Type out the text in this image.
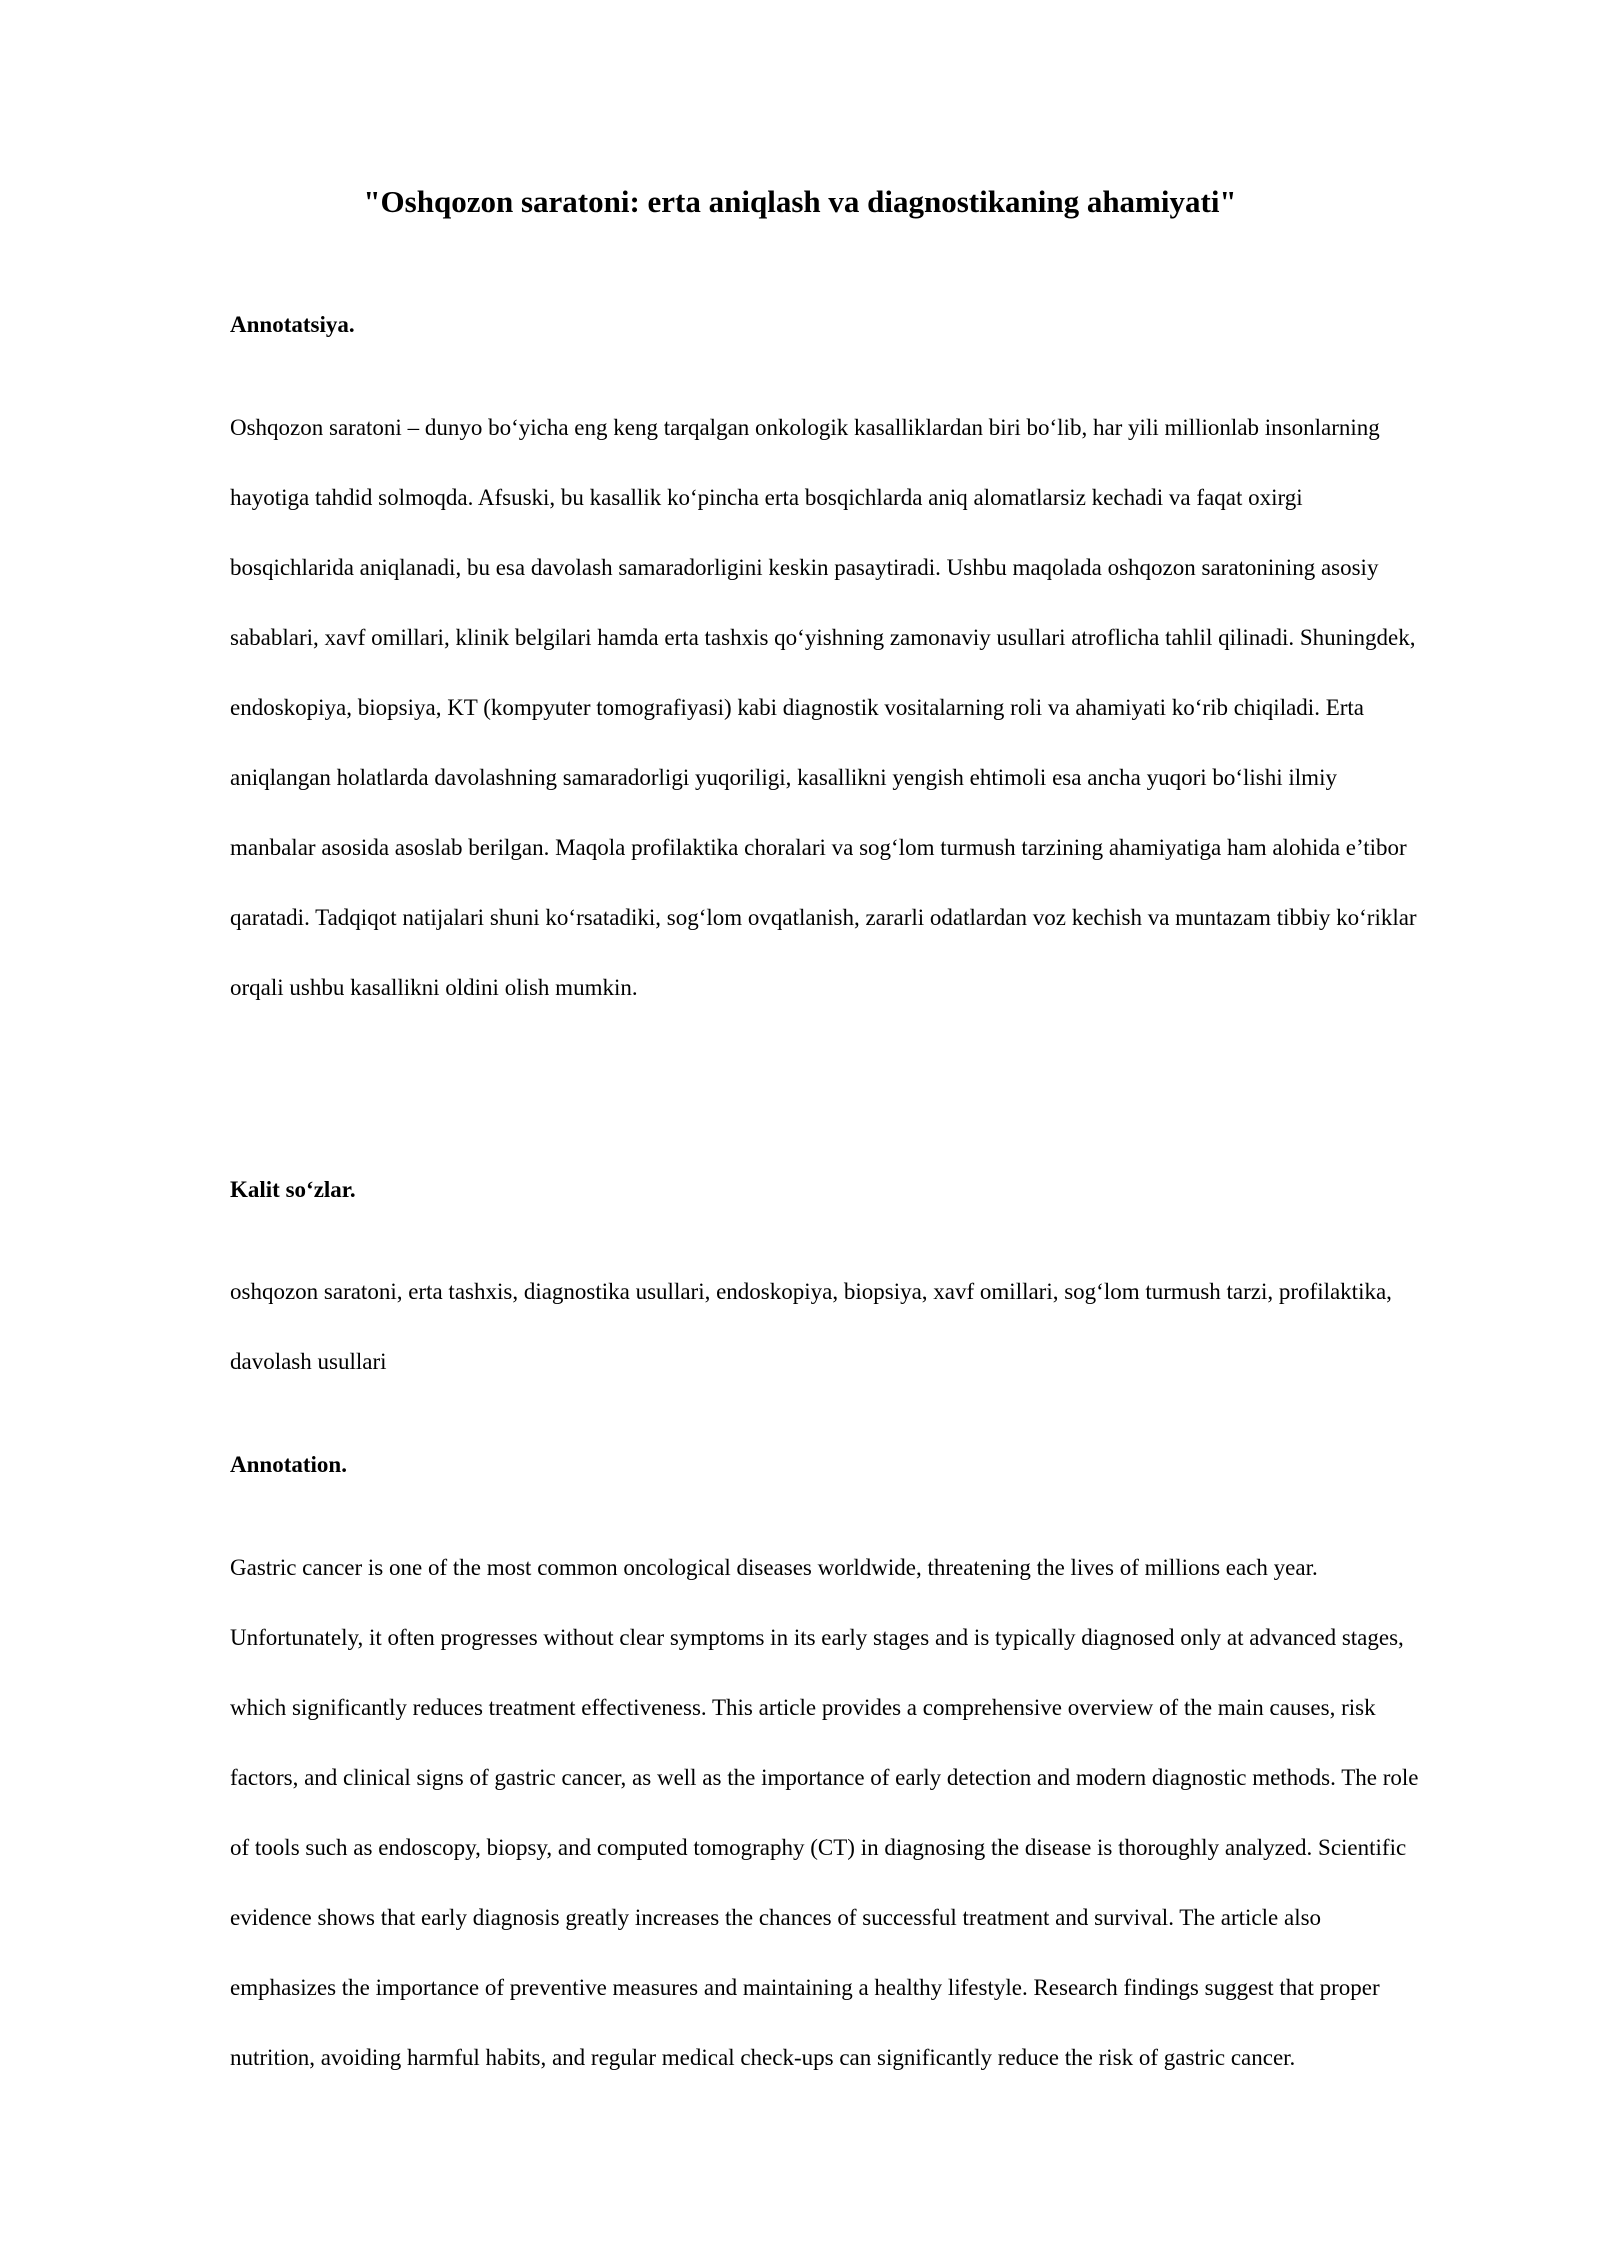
"Oshqozon saratoni: erta aniqlash va diagnostikaning ahamiyati"
Annotatsiya.
Oshqozon saratoni – dunyo bo‘yicha eng keng tarqalgan onkologik kasalliklardan biri bo‘lib, har yili millionlab insonlarning
hayotiga tahdid solmoqda. Afsuski, bu kasallik ko‘pincha erta bosqichlarda aniq alomatlarsiz kechadi va faqat oxirgi
bosqichlarida aniqlanadi, bu esa davolash samaradorligini keskin pasaytiradi. Ushbu maqolada oshqozon saratonining asosiy
sabablari, xavf omillari, klinik belgilari hamda erta tashxis qo‘yishning zamonaviy usullari atroflicha tahlil qilinadi. Shuningdek,
endoskopiya, biopsiya, KT (kompyuter tomografiyasi) kabi diagnostik vositalarning roli va ahamiyati ko‘rib chiqiladi. Erta
aniqlangan holatlarda davolashning samaradorligi yuqoriligi, kasallikni yengish ehtimoli esa ancha yuqori bo‘lishi ilmiy
manbalar asosida asoslab berilgan. Maqola profilaktika choralari va sog‘lom turmush tarzining ahamiyatiga ham alohida e’tibor
qaratadi. Tadqiqot natijalari shuni ko‘rsatadiki, sog‘lom ovqatlanish, zararli odatlardan voz kechish va muntazam tibbiy ko‘riklar
orqali ushbu kasallikni oldini olish mumkin.
Kalit so‘zlar.
oshqozon saratoni, erta tashxis, diagnostika usullari, endoskopiya, biopsiya, xavf omillari, sog‘lom turmush tarzi, profilaktika,
davolash usullari
Annotation.
Gastric cancer is one of the most common oncological diseases worldwide, threatening the lives of millions each year.
Unfortunately, it often progresses without clear symptoms in its early stages and is typically diagnosed only at advanced stages,
which significantly reduces treatment effectiveness. This article provides a comprehensive overview of the main causes, risk
factors, and clinical signs of gastric cancer, as well as the importance of early detection and modern diagnostic methods. The role
of tools such as endoscopy, biopsy, and computed tomography (CT) in diagnosing the disease is thoroughly analyzed. Scientific
evidence shows that early diagnosis greatly increases the chances of successful treatment and survival. The article also
emphasizes the importance of preventive measures and maintaining a healthy lifestyle. Research findings suggest that proper
nutrition, avoiding harmful habits, and regular medical check-ups can significantly reduce the risk of gastric cancer.
